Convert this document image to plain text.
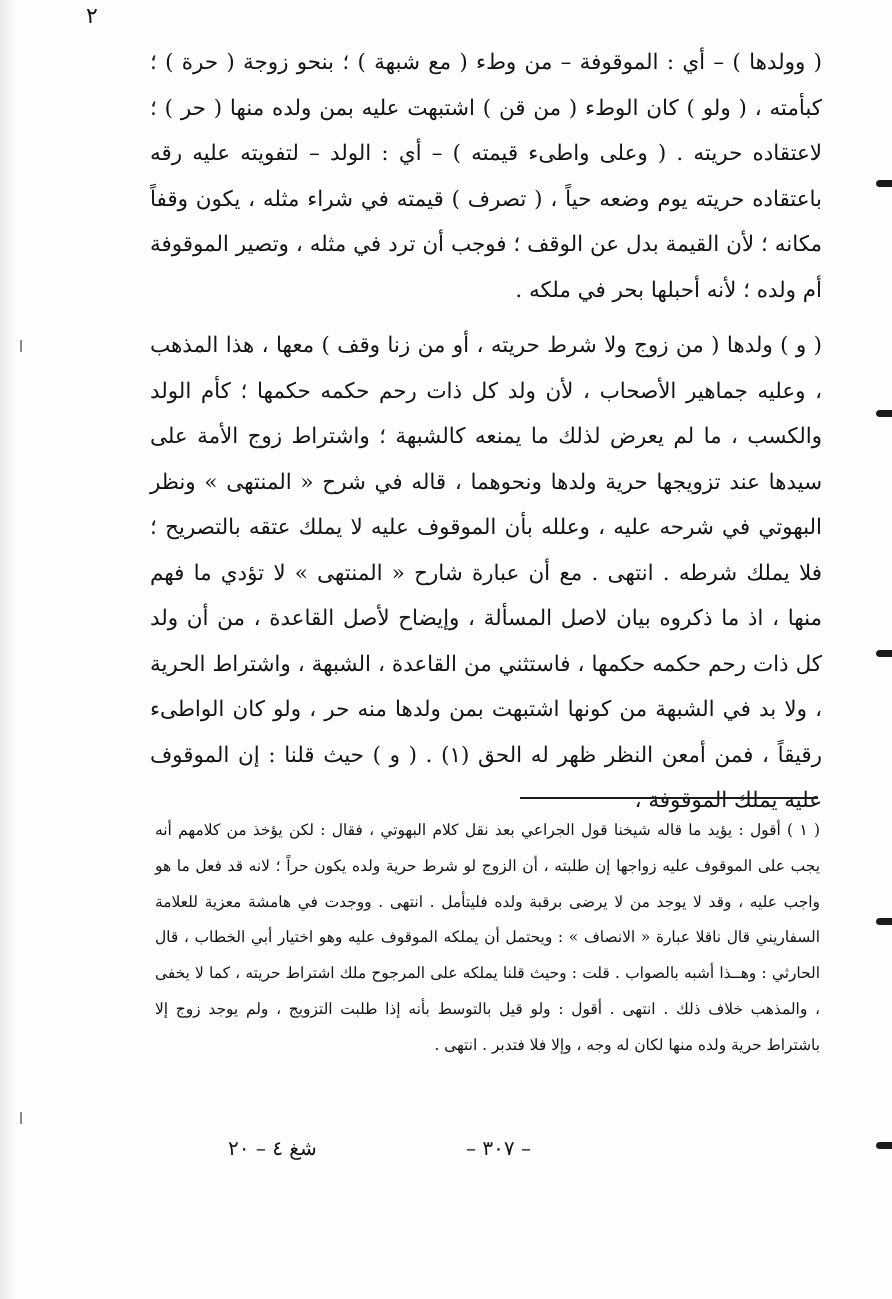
٢

( وولدها ) – أي : الموقوفة – من وطء ( مع شبهة ) ؛ بنحو زوجة ( حرة ) ؛ كبأمته ، ( ولو ) كان الوطء ( من قن ) اشتبهت عليه بمن ولده منها ( حر ) ؛ لاعتقاده حريته . ( وعلى واطىء قيمته ) – أي : الولد – لتفويته عليه رقه باعتقاده حريته يوم وضعه حياً ، ( تصرف ) قيمته في شراء مثله ، يكون وقفاً مكانه ؛ لأن القيمة بدل عن الوقف ؛ فوجب أن ترد في مثله ، وتصير الموقوفة أم ولده ؛ لأنه أحبلها بحر في ملكه .

( و ) ولدها ( من زوج ولا شرط حريته ، أو من زنا وقف ) معها ، هذا المذهب ، وعليه جماهير الأصحاب ، لأن ولد كل ذات رحم حكمه حكمها ؛ كأم الولد والكسب ، ما لم يعرض لذلك ما يمنعه كالشبهة ؛ واشتراط زوج الأمة على سيدها عند تزويجها حرية ولدها ونحوهما ، قاله في شرح « المنتهى » ونظر البهوتي في شرحه عليه ، وعلله بأن الموقوف عليه لا يملك عتقه بالتصريح ؛ فلا يملك شرطه . انتهى . مع أن عبارة شارح « المنتهى » لا تؤدي ما فهم منها ، اذ ما ذكروه بيان لاصل المسألة ، وإيضاح لأصل القاعدة ، من أن ولد كل ذات رحم حكمه حكمها ، فاستثني من القاعدة ، الشبهة ، واشتراط الحرية ، ولا بد في الشبهة من كونها اشتبهت بمن ولدها منه حر ، ولو كان الواطىء رقيقاً ، فمن أمعن النظر ظهر له الحق (١) . ( و ) حيث قلنا : إن الموقوف عليه يملك الموقوفة ،

( ١ ) أقول : يؤيد ما قاله شيخنا قول الجراعي بعد نقل كلام البهوتي ، فقال : لكن يؤخذ من كلامهم أنه يجب على الموقوف عليه زواجها إن طلبته ، أن الزوج لو شرط حرية ولده يكون حراً ؛ لانه قد فعل ما هو واجب عليه ، وقد لا يوجد من لا يرضى برقبة ولده فليتأمل . انتهى . ووجدت في هامشة معزية للعلامة السفاريني قال ناقلا عبارة « الانصاف » : ويحتمل أن يملكه الموقوف عليه وهو اختيار أبي الخطاب ، قال الحارثي : وهــذا أشبه بالصواب . قلت : وحيث قلنا يملكه على المرجوح ملك اشتراط حريته ، كما لا يخفى ، والمذهب خلاف ذلك . انتهى . أقول : ولو قيل بالتوسط بأنه إذا طلبت التزويج ، ولم يوجد زوج إلا باشتراط حرية ولده منها لكان له وجه ، وإلا فلا فتدبر . انتهى .

– ٣٠٧ –
شغ ٤ – ٢٠
